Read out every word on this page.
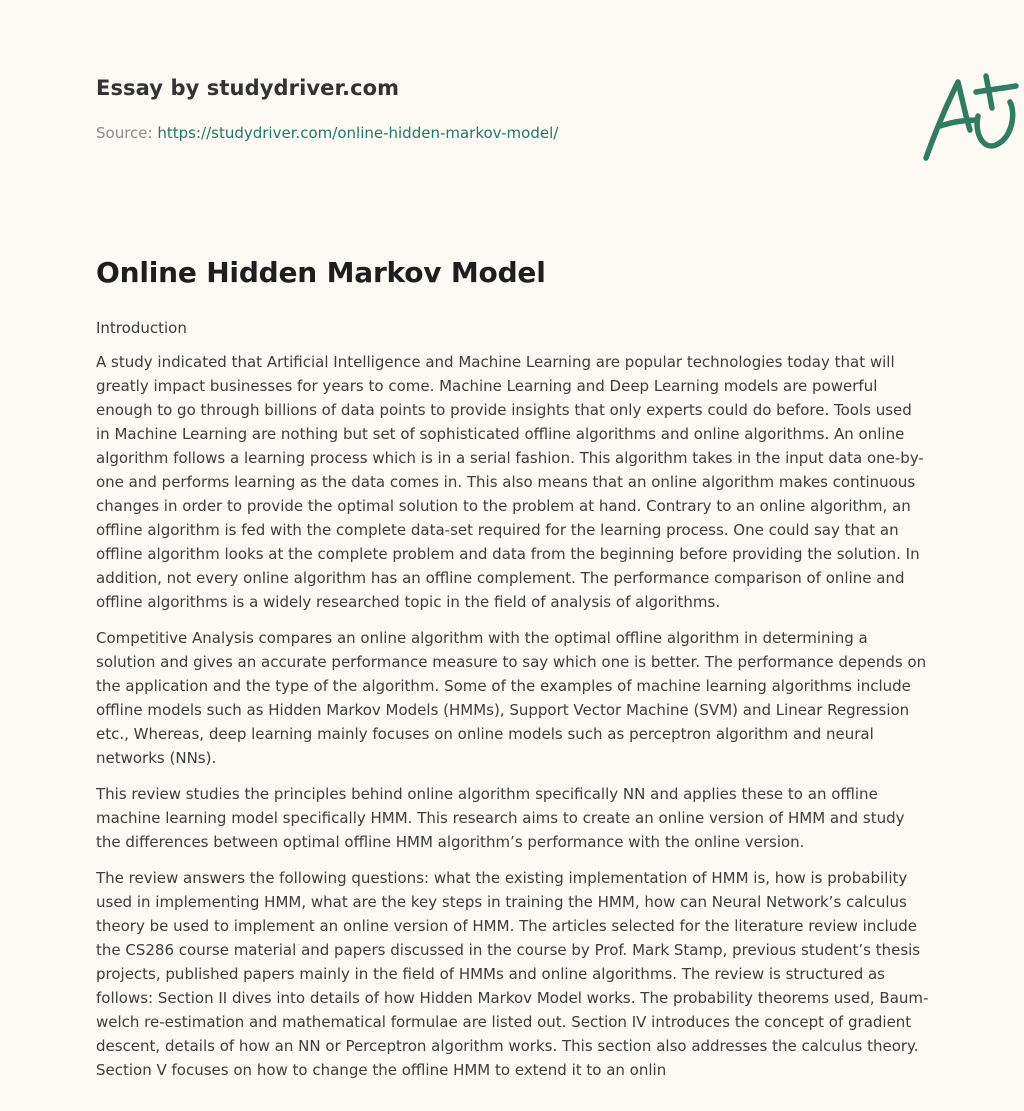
Essay by studydriver.com
Source: https://studydriver.com/online-hidden-markov-model/
Online Hidden Markov Model

Introduction

A study indicated that Artificial Intelligence and Machine Learning are popular technologies today that will greatly impact businesses for years to come. Machine Learning and Deep Learning models are powerful enough to go through billions of data points to provide insights that only experts could do before. Tools used in Machine Learning are nothing but set of sophisticated offline algorithms and online algorithms. An online algorithm follows a learning process which is in a serial fashion. This algorithm takes in the input data one-by-one and performs learning as the data comes in. This also means that an online algorithm makes continuous changes in order to provide the optimal solution to the problem at hand. Contrary to an online algorithm, an offline algorithm is fed with the complete data-set required for the learning process. One could say that an offline algorithm looks at the complete problem and data from the beginning before providing the solution. In addition, not every online algorithm has an offline complement. The performance comparison of online and offline algorithms is a widely researched topic in the field of analysis of algorithms.

Competitive Analysis compares an online algorithm with the optimal offline algorithm in determining a solution and gives an accurate performance measure to say which one is better. The performance depends on the application and the type of the algorithm. Some of the examples of machine learning algorithms include offline models such as Hidden Markov Models (HMMs), Support Vector Machine (SVM) and Linear Regression etc., Whereas, deep learning mainly focuses on online models such as perceptron algorithm and neural networks (NNs).

This review studies the principles behind online algorithm specifically NN and applies these to an offline machine learning model specifically HMM. This research aims to create an online version of HMM and study the differences between optimal offline HMM algorithm’s performance with the online version.

The review answers the following questions: what the existing implementation of HMM is, how is probability used in implementing HMM, what are the key steps in training the HMM, how can Neural Network’s calculus theory be used to implement an online version of HMM. The articles selected for the literature review include the CS286 course material and papers discussed in the course by Prof. Mark Stamp, previous student’s thesis projects, published papers mainly in the field of HMMs and online algorithms. The review is structured as follows: Section II dives into details of how Hidden Markov Model works. The probability theorems used, Baum-welch re-estimation and mathematical formulae are listed out. Section IV introduces the concept of gradient descent, details of how an NN or Perceptron algorithm works. This section also addresses the calculus theory. Section V focuses on how to change the offline HMM to extend it to an onlin
